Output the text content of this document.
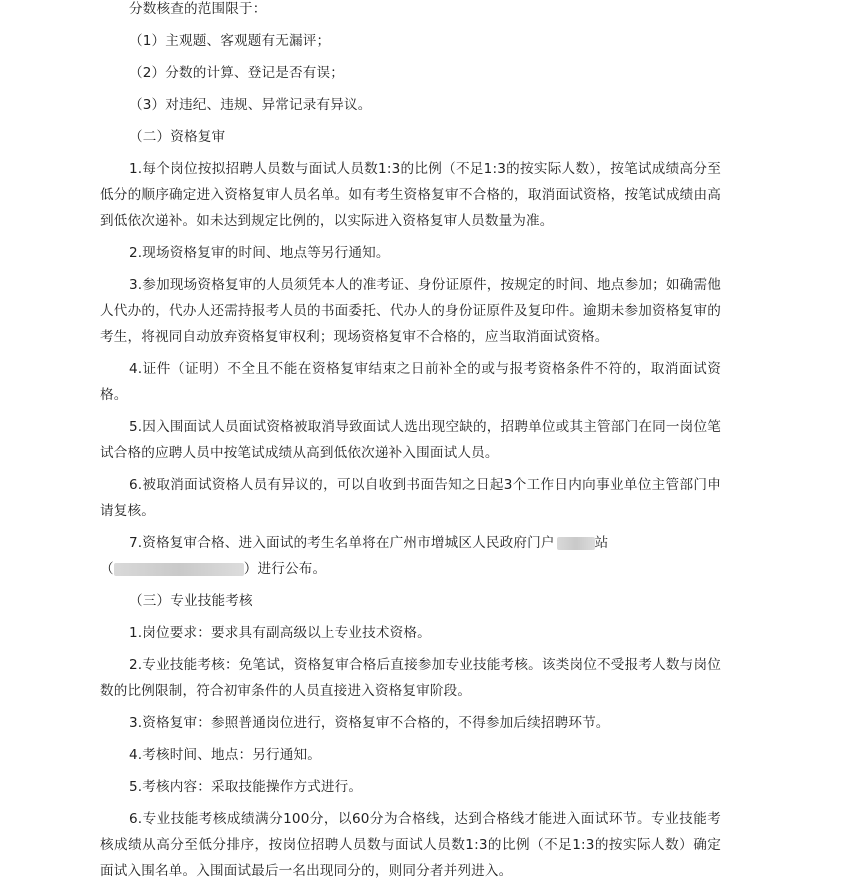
分数核查的范围限于：

（1）主观题、客观题有无漏评；

（2）分数的计算、登记是否有误；

（3）对违纪、违规、异常记录有异议。

（二）资格复审

1.每个岗位按拟招聘人员数与面试人员数1:3的比例（不足1:3的按实际人数），按笔试成绩高分至低分的顺序确定进入资格复审人员名单。如有考生资格复审不合格的，取消面试资格，按笔试成绩由高到低依次递补。如未达到规定比例的，以实际进入资格复审人员数量为准。

2.现场资格复审的时间、地点等另行通知。

3.参加现场资格复审的人员须凭本人的准考证、身份证原件，按规定的时间、地点参加；如确需他人代办的，代办人还需持报考人员的书面委托、代办人的身份证原件及复印件。逾期未参加资格复审的考生，将视同自动放弃资格复审权利；现场资格复审不合格的，应当取消面试资格。

4.证件（证明）不全且不能在资格复审结束之日前补全的或与报考资格条件不符的，取消面试资格。

5.因入围面试人员面试资格被取消导致面试人选出现空缺的，招聘单位或其主管部门在同一岗位笔试合格的应聘人员中按笔试成绩从高到低依次递补入围面试人员。

6.被取消面试资格人员有异议的，可以自收到书面告知之日起3个工作日内向事业单位主管部门申请复核。

7.资格复审合格、进入面试的考生名单将在广州市增城区人民政府门户	站
（	）进行公布。

（三）专业技能考核

1.岗位要求：要求具有副高级以上专业技术资格。

2.专业技能考核：免笔试，资格复审合格后直接参加专业技能考核。该类岗位不受报考人数与岗位数的比例限制，符合初审条件的人员直接进入资格复审阶段。

3.资格复审：参照普通岗位进行，资格复审不合格的，不得参加后续招聘环节。

4.考核时间、地点：另行通知。

5.考核内容：采取技能操作方式进行。

6.专业技能考核成绩满分100分，以60分为合格线，达到合格线才能进入面试环节。专业技能考核成绩从高分至低分排序，按岗位招聘人员数与面试人员数1:3的比例（不足1:3的按实际人数）确定面试入围名单。入围面试最后一名出现同分的，则同分者并列进入。
